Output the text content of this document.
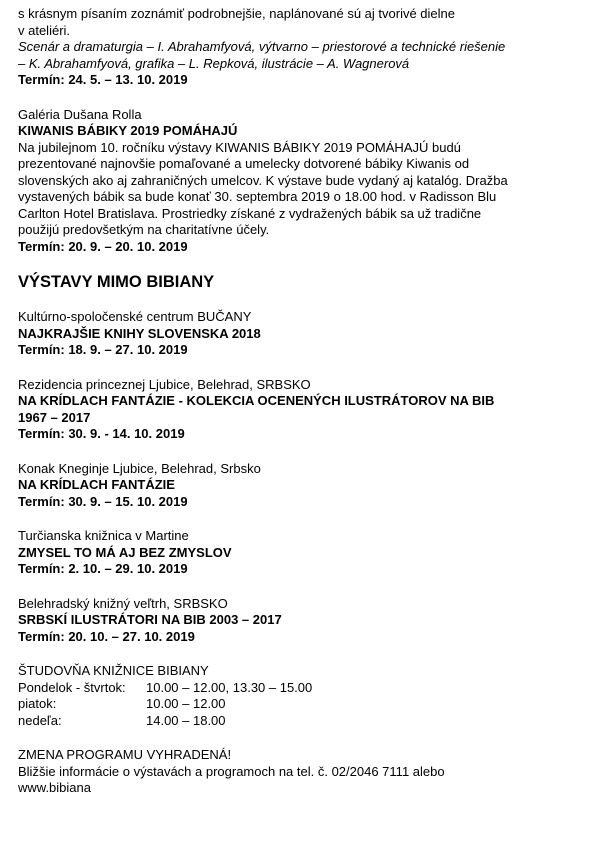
s krásnym písaním zoznámiť podrobnejšie, naplánované sú aj tvorivé dielne

v ateliéri.

Scenár a dramaturgia – I. Abrahamfyová, výtvarno – priestorové a technické riešenie

– K. Abrahamfyová, grafika – L. Repková, ilustrácie – A. Wagnerová

Termín: 24. 5. – 13. 10. 2019

Galéria Dušana Rolla

KIWANIS BÁBIKY 2019 POMÁHAJÚ

Na jubilejnom 10. ročníku výstavy KIWANIS BÁBIKY 2019 POMÁHAJÚ budú

prezentované najnovšie pomaľované a umelecky dotvorené bábiky Kiwanis od

slovenských ako aj zahraničných umelcov. K výstave bude vydaný aj katalóg. Dražba

vystavených bábik sa bude konať 30. septembra 2019 o 18.00 hod. v Radisson Blu

Carlton Hotel Bratislava. Prostriedky získané z vydražených bábik sa už tradične

použijú predovšetkým na charitatívne účely.

Termín: 20. 9. – 20. 10. 2019

VÝSTAVY MIMO BIBIANY

Kultúrno-spoločenské centrum BUČANY

NAJKRAJŠIE KNIHY SLOVENSKA 2018

Termín: 18. 9. – 27. 10. 2019

Rezidencia princeznej Ljubice, Belehrad, SRBSKO

NA KRÍDLACH FANTÁZIE - KOLEKCIA OCENENÝCH ILUSTRÁTOROV NA BIB

1967 – 2017

Termín: 30. 9. - 14. 10. 2019

Konak Kneginje Ljubice, Belehrad, Srbsko

NA KRÍDLACH FANTÁZIE

Termín: 30. 9. – 15. 10. 2019

Turčianska knižnica v Martine

ZMYSEL TO MÁ AJ BEZ ZMYSLOV

Termín: 2. 10. – 29. 10. 2019

Belehradský knižný veľtrh, SRBSKO

SRBSKÍ ILUSTRÁTORI NA BIB 2003 – 2017

Termín: 20. 10. – 27. 10. 2019

ŠTUDOVŇA KNIŽNICE BIBIANY

Pondelok - štvrtok:	10.00 – 12.00, 13.30 – 15.00
piatok:	10.00 – 12.00
nedeľa:	14.00 – 18.00

ZMENA PROGRAMU VYHRADENÁ!

Bližšie informácie o výstavách a programoch na tel. č. 02/2046 7111 alebo

www.bibiana
